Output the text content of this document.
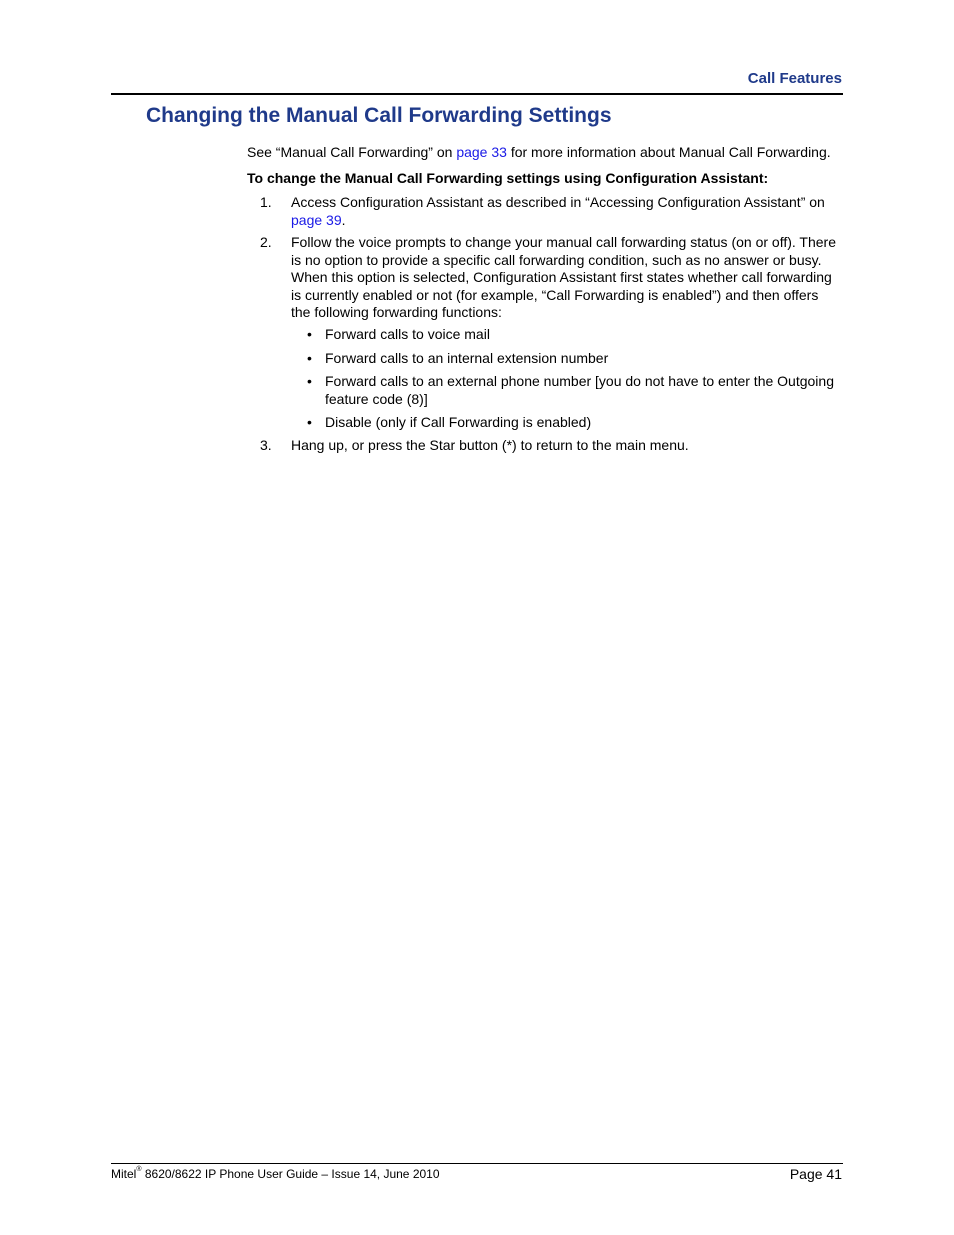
Call Features
Changing the Manual Call Forwarding Settings

See “Manual Call Forwarding” on page 33 for more information about Manual Call Forwarding.

To change the Manual Call Forwarding settings using Configuration Assistant:

1. Access Configuration Assistant as described in “Accessing Configuration Assistant” on page 39.
2. Follow the voice prompts to change your manual call forwarding status (on or off). There is no option to provide a specific call forwarding condition, such as no answer or busy. When this option is selected, Configuration Assistant first states whether call forwarding is currently enabled or not (for example, “Call Forwarding is enabled”) and then offers the following forwarding functions:
• Forward calls to voice mail
• Forward calls to an internal extension number
• Forward calls to an external phone number [you do not have to enter the Outgoing feature code (8)]
• Disable (only if Call Forwarding is enabled)
3. Hang up, or press the Star button (*) to return to the main menu.
Mitel® 8620/8622 IP Phone User Guide – Issue 14, June 2010	Page 41
